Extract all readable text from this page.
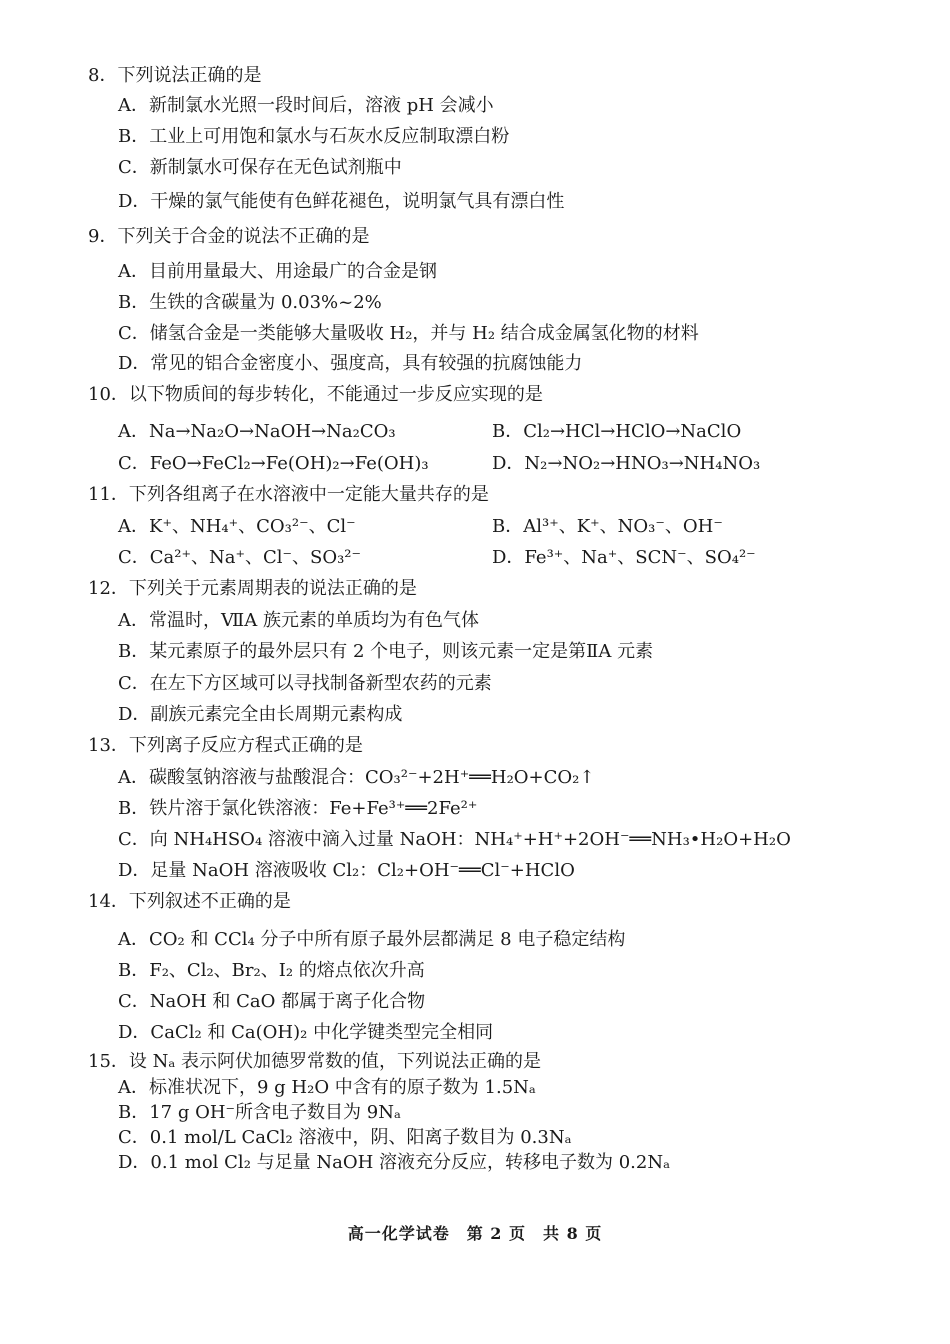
8．下列说法正确的是
A．新制氯水光照一段时间后，溶液 pH 会减小
B．工业上可用饱和氯水与石灰水反应制取漂白粉
C．新制氯水可保存在无色试剂瓶中
D．干燥的氯气能使有色鲜花褪色，说明氯气具有漂白性
9．下列关于合金的说法不正确的是
A．目前用量最大、用途最广的合金是钢
B．生铁的含碳量为 0.03%~2%
C．储氢合金是一类能够大量吸收 H₂，并与 H₂ 结合成金属氢化物的材料
D．常见的铝合金密度小、强度高，具有较强的抗腐蚀能力
10．以下物质间的每步转化，不能通过一步反应实现的是
A．Na→Na₂O→NaOH→Na₂CO₃	B．Cl₂→HCl→HClO→NaClO
C．FeO→FeCl₂→Fe(OH)₂→Fe(OH)₃	D．N₂→NO₂→HNO₃→NH₄NO₃
11．下列各组离子在水溶液中一定能大量共存的是
A．K⁺、NH₄⁺、CO₃²⁻、Cl⁻	B．Al³⁺、K⁺、NO₃⁻、OH⁻
C．Ca²⁺、Na⁺、Cl⁻、SO₃²⁻	D．Fe³⁺、Na⁺、SCN⁻、SO₄²⁻
12．下列关于元素周期表的说法正确的是
A．常温时，ⅦA 族元素的单质均为有色气体
B．某元素原子的最外层只有 2 个电子，则该元素一定是第ⅡA 元素
C．在左下方区域可以寻找制备新型农药的元素
D．副族元素完全由长周期元素构成
13．下列离子反应方程式正确的是
A．碳酸氢钠溶液与盐酸混合：CO₃²⁻+2H⁺══H₂O+CO₂↑
B．铁片溶于氯化铁溶液：Fe+Fe³⁺══2Fe²⁺
C．向 NH₄HSO₄ 溶液中滴入过量 NaOH：NH₄⁺+H⁺+2OH⁻══NH₃•H₂O+H₂O
D．足量 NaOH 溶液吸收 Cl₂：Cl₂+OH⁻══Cl⁻+HClO
14．下列叙述不正确的是
A．CO₂ 和 CCl₄ 分子中所有原子最外层都满足 8 电子稳定结构
B．F₂、Cl₂、Br₂、I₂ 的熔点依次升高
C．NaOH 和 CaO 都属于离子化合物
D．CaCl₂ 和 Ca(OH)₂ 中化学键类型完全相同
15．设 Nₐ 表示阿伏加德罗常数的值，下列说法正确的是
A．标准状况下，9 g H₂O 中含有的原子数为 1.5Nₐ
B．17 g OH⁻所含电子数目为 9Nₐ
C．0.1 mol/L CaCl₂ 溶液中，阴、阳离子数目为 0.3Nₐ
D．0.1 mol Cl₂ 与足量 NaOH 溶液充分反应，转移电子数为 0.2Nₐ
高一化学试卷　第 2 页　共 8 页
